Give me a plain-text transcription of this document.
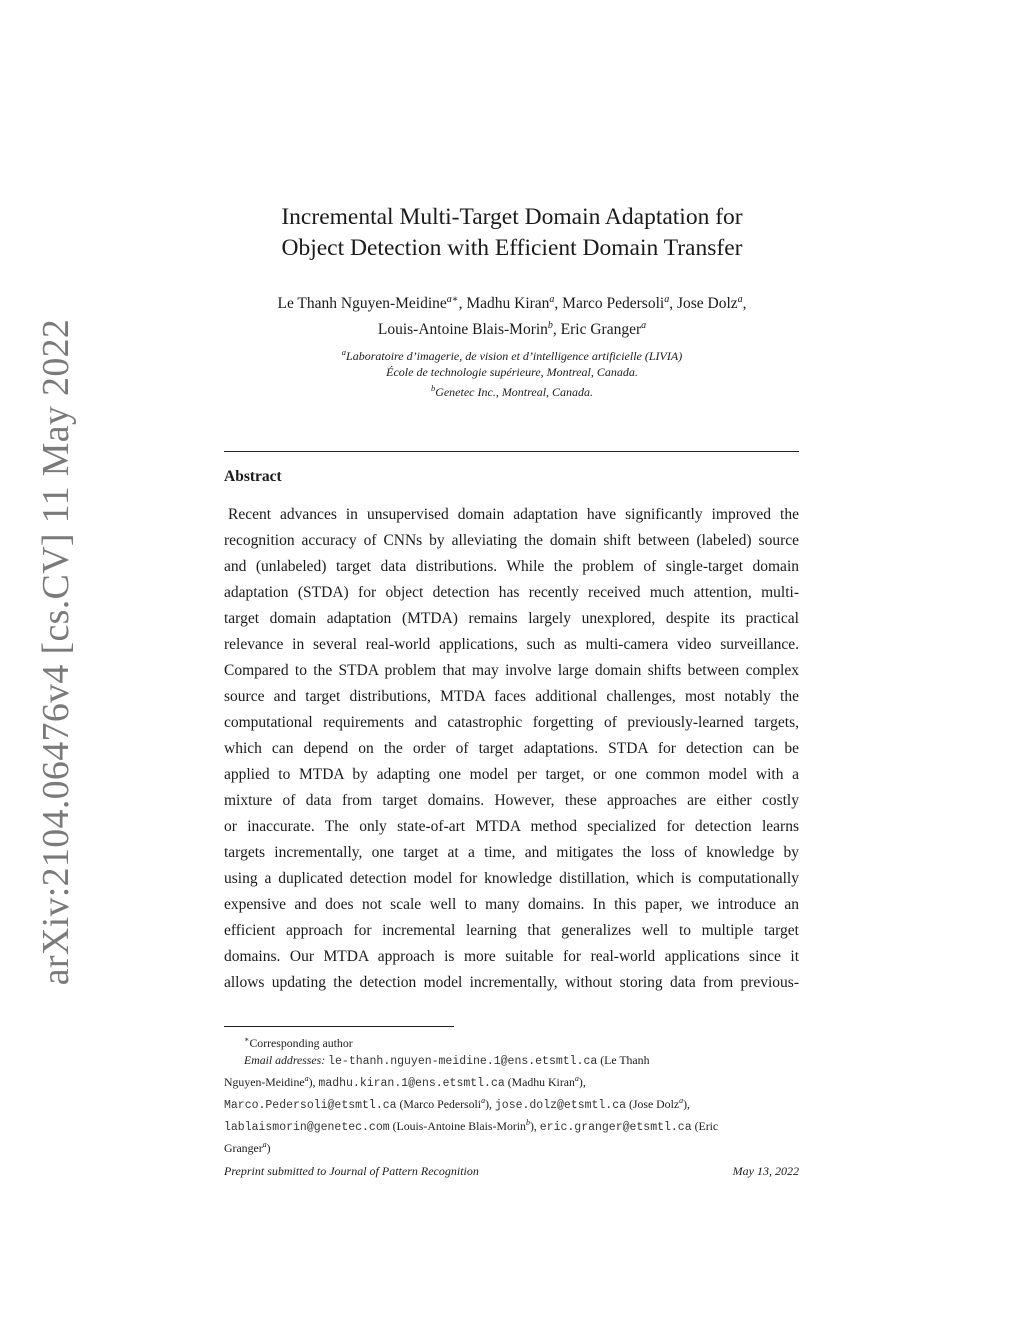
arXiv:2104.06476v4 [cs.CV] 11 May 2022
Incremental Multi-Target Domain Adaptation for
Object Detection with Efficient Domain Transfer
Le Thanh Nguyen-Meidine$^{a∗}$, Madhu Kiran$^a$, Marco Pedersoli$^a$, Jose Dolz$^a$,
Louis-Antoine Blais-Morin$^b$, Eric Granger$^a$
$^a$Laboratoire d’imagerie, de vision et d’intelligence artificielle (LIVIA)
École de technologie supérieure, Montreal, Canada.
$^b$Genetec Inc., Montreal, Canada.
Abstract
Recent advances in unsupervised domain adaptation have significantly improved the
recognition accuracy of CNNs by alleviating the domain shift between (labeled) source
and (unlabeled) target data distributions. While the problem of single-target domain
adaptation (STDA) for object detection has recently received much attention, multi-
target domain adaptation (MTDA) remains largely unexplored, despite its practical
relevance in several real-world applications, such as multi-camera video surveillance.
Compared to the STDA problem that may involve large domain shifts between complex
source and target distributions, MTDA faces additional challenges, most notably the
computational requirements and catastrophic forgetting of previously-learned targets,
which can depend on the order of target adaptations. STDA for detection can be
applied to MTDA by adapting one model per target, or one common model with a
mixture of data from target domains. However, these approaches are either costly
or inaccurate. The only state-of-art MTDA method specialized for detection learns
targets incrementally, one target at a time, and mitigates the loss of knowledge by
using a duplicated detection model for knowledge distillation, which is computationally
expensive and does not scale well to many domains. In this paper, we introduce an
efficient approach for incremental learning that generalizes well to multiple target
domains. Our MTDA approach is more suitable for real-world applications since it
allows updating the detection model incrementally, without storing data from previous-
∗Corresponding author
Email addresses: le-thanh.nguyen-meidine.1@ens.etsmtl.ca (Le Thanh
Nguyen-Meidine$^a$), madhu.kiran.1@ens.etsmtl.ca (Madhu Kiran$^a$),
Marco.Pedersoli@etsmtl.ca (Marco Pedersoli$^a$), jose.dolz@etsmtl.ca (Jose Dolz$^a$),
lablaismorin@genetec.com (Louis-Antoine Blais-Morin$^b$), eric.granger@etsmtl.ca (Eric
Granger$^a$)
Preprint submitted to Journal of Pattern Recognition	May 13, 2022
